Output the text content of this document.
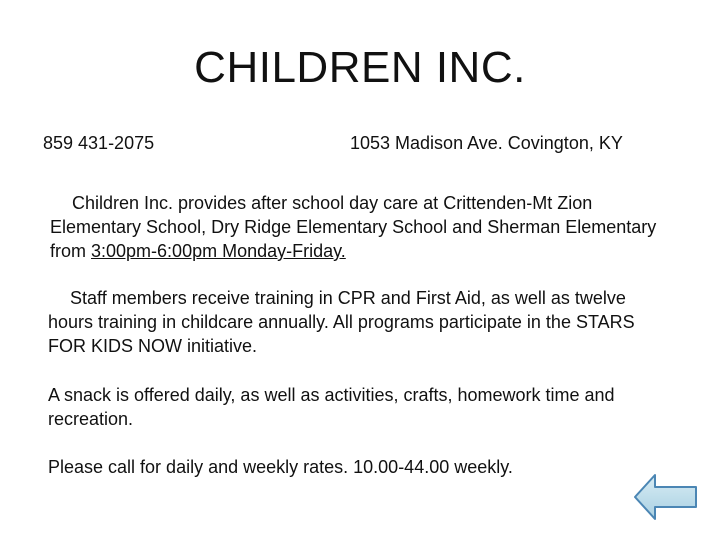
CHILDREN INC.
859 431-2075	1053 Madison Ave. Covington, KY

Children Inc. provides after school day care at Crittenden-Mt Zion Elementary School, Dry Ridge Elementary School and Sherman Elementary from 3:00pm-6:00pm Monday-Friday.

Staff members receive training in CPR and First Aid, as well as twelve hours training in childcare annually. All programs participate in the STARS FOR KIDS NOW initiative.

A snack is offered daily, as well as activities, crafts, homework time and recreation.

Please call for daily and weekly rates. 10.00-44.00 weekly.
